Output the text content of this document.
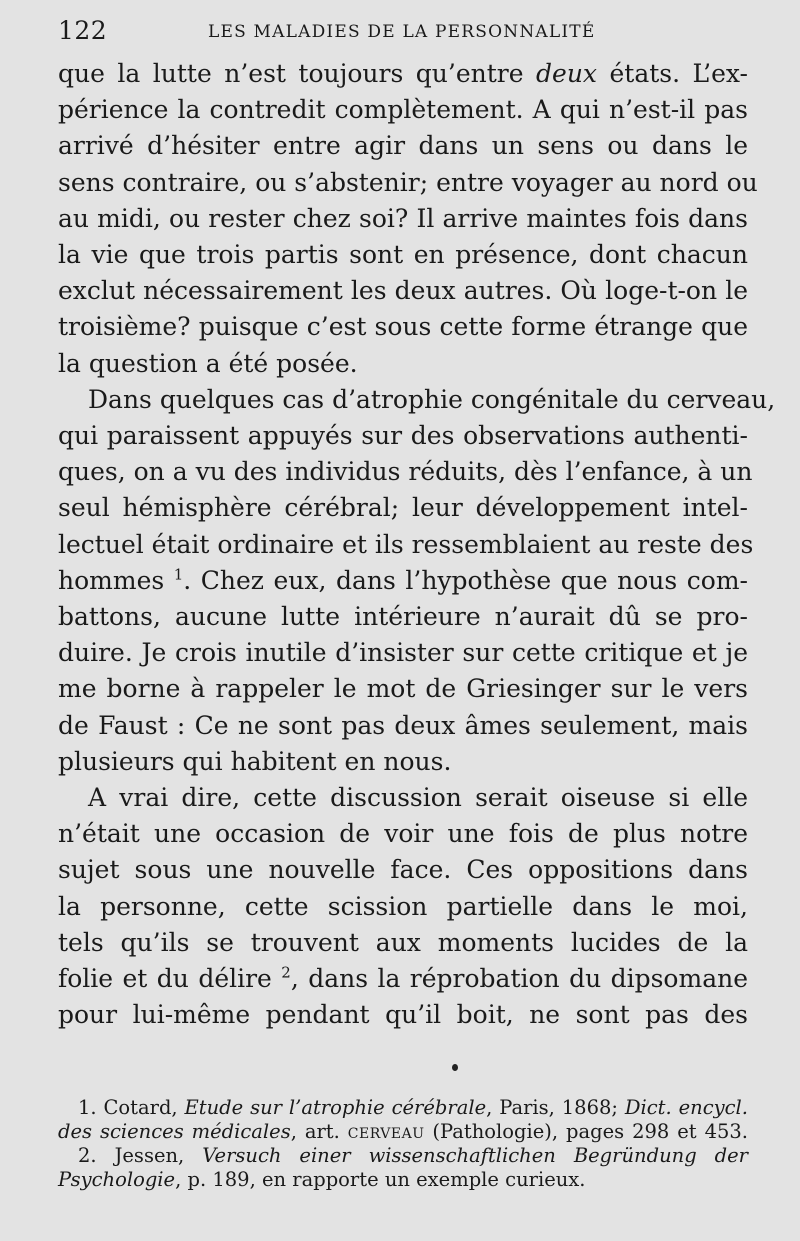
122	LES MALADIES DE LA PERSONNALITÉ
que la lutte n’est toujours qu’entre deux états. L’ex-
périence la contredit complètement. A qui n’est-il pas
arrivé d’hésiter entre agir dans un sens ou dans le
sens contraire, ou s’abstenir; entre voyager au nord ou
au midi, ou rester chez soi? Il arrive maintes fois dans
la vie que trois partis sont en présence, dont chacun
exclut nécessairement les deux autres. Où loge-t-on le
troisième? puisque c’est sous cette forme étrange que
la question a été posée.
Dans quelques cas d’atrophie congénitale du cerveau,
qui paraissent appuyés sur des observations authenti-
ques, on a vu des individus réduits, dès l’enfance, à un
seul hémisphère cérébral; leur développement intel-
lectuel était ordinaire et ils ressemblaient au reste des
hommes $^1$. Chez eux, dans l’hypothèse que nous com-
battons, aucune lutte intérieure n’aurait dû se pro-
duire. Je crois inutile d’insister sur cette critique et je
me borne à rappeler le mot de Griesinger sur le vers
de Faust : Ce ne sont pas deux âmes seulement, mais
plusieurs qui habitent en nous.
A vrai dire, cette discussion serait oiseuse si elle
n’était une occasion de voir une fois de plus notre
sujet sous une nouvelle face. Ces oppositions dans
la personne, cette scission partielle dans le moi,
tels qu’ils se trouvent aux moments lucides de la
folie et du délire $^2$, dans la réprobation du dipsomane
pour lui-même pendant qu’il boit, ne sont pas des
1. Cotard, Etude sur l’atrophie cérébrale, Paris, 1868; Dict. encycl.
des sciences médicales, art. cerveau (Pathologie), pages 298 et 453.
2. Jessen, Versuch einer wissenschaftlichen Begründung der
Psychologie, p. 189, en rapporte un exemple curieux.
